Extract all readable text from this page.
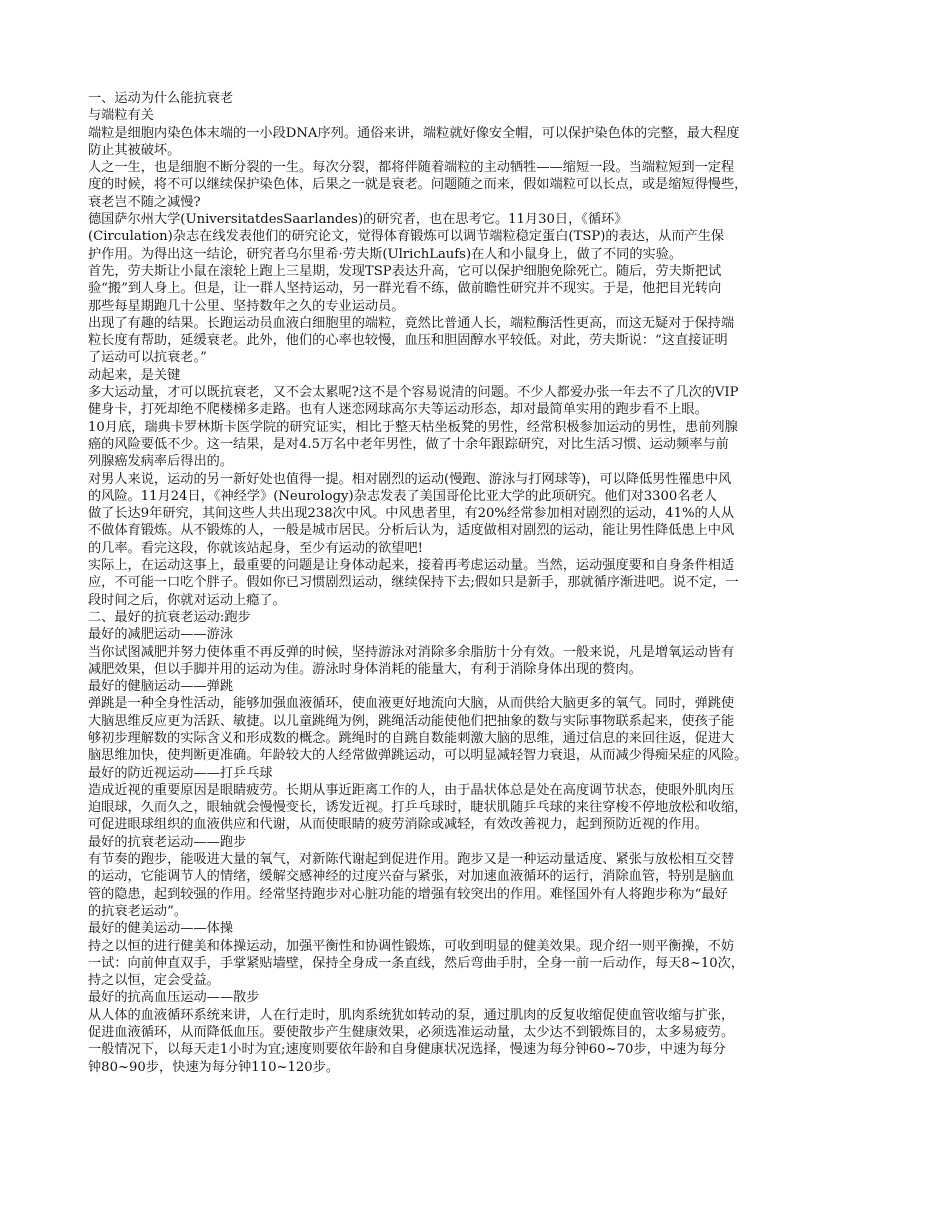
一、运动为什么能抗衰老
与端粒有关
端粒是细胞内染色体末端的一小段DNA序列。通俗来讲，端粒就好像安全帽，可以保护染色体的完整，最大程度
防止其被破坏。
人之一生，也是细胞不断分裂的一生。每次分裂，都将伴随着端粒的主动牺牲——缩短一段。当端粒短到一定程
度的时候，将不可以继续保护染色体，后果之一就是衰老。问题随之而来，假如端粒可以长点，或是缩短得慢些，
衰老岂不随之减慢?
德国萨尔州大学(UniversitatdesSaarlandes)的研究者，也在思考它。11月30日，《循环》
(Circulation)杂志在线发表他们的研究论文，觉得体育锻炼可以调节端粒稳定蛋白(TSP)的表达，从而产生保
护作用。为得出这一结论，研究者乌尔里希·劳夫斯(UlrichLaufs)在人和小鼠身上，做了不同的实验。
首先，劳夫斯让小鼠在滚轮上跑上三星期，发现TSP表达升高，它可以保护细胞免除死亡。随后，劳夫斯把试
验“搬”到人身上。但是，让一群人坚持运动，另一群光看不练，做前瞻性研究并不现实。于是，他把目光转向
那些每星期跑几十公里、坚持数年之久的专业运动员。
出现了有趣的结果。长跑运动员血液白细胞里的端粒，竟然比普通人长，端粒酶活性更高，而这无疑对于保持端
粒长度有帮助，延缓衰老。此外，他们的心率也较慢，血压和胆固醇水平较低。对此，劳夫斯说：“这直接证明
了运动可以抗衰老。”
动起来，是关键
多大运动量，才可以既抗衰老，又不会太累呢?这不是个容易说清的问题。不少人都爱办张一年去不了几次的VIP
健身卡，打死却绝不爬楼梯多走路。也有人迷恋网球高尔夫等运动形态，却对最简单实用的跑步看不上眼。
10月底，瑞典卡罗林斯卡医学院的研究证实，相比于整天枯坐板凳的男性，经常积极参加运动的男性，患前列腺
癌的风险要低不少。这一结果，是对4.5万名中老年男性，做了十余年跟踪研究，对比生活习惯、运动频率与前
列腺癌发病率后得出的。
对男人来说，运动的另一新好处也值得一提。相对剧烈的运动(慢跑、游泳与打网球等)，可以降低男性罹患中风
的风险。11月24日，《神经学》(Neurology)杂志发表了美国哥伦比亚大学的此项研究。他们对3300名老人
做了长达9年研究，其间这些人共出现238次中风。中风患者里，有20%经常参加相对剧烈的运动，41%的人从
不做体育锻炼。从不锻炼的人，一般是城市居民。分析后认为，适度做相对剧烈的运动，能让男性降低患上中风
的几率。看完这段，你就该站起身，至少有运动的欲望吧!
实际上，在运动这事上，最重要的问题是让身体动起来，接着再考虑运动量。当然，运动强度要和自身条件相适
应，不可能一口吃个胖子。假如你已习惯剧烈运动，继续保持下去;假如只是新手，那就循序渐进吧。说不定，一
段时间之后，你就对运动上瘾了。
二、最好的抗衰老运动:跑步
最好的减肥运动——游泳
当你试图减肥并努力使体重不再反弹的时候，坚持游泳对消除多余脂肪十分有效。一般来说，凡是增氧运动皆有
减肥效果，但以手脚并用的运动为佳。游泳时身体消耗的能量大，有利于消除身体出现的赘肉。
最好的健脑运动——弹跳
弹跳是一种全身性活动，能够加强血液循环，使血液更好地流向大脑，从而供给大脑更多的氧气。同时，弹跳使
大脑思维反应更为活跃、敏捷。以儿童跳绳为例，跳绳活动能使他们把抽象的数与实际事物联系起来，使孩子能
够初步理解数的实际含义和形成数的概念。跳绳时的自跳自数能刺激大脑的思维，通过信息的来回往返，促进大
脑思维加快，使判断更准确。年龄较大的人经常做弹跳运动，可以明显减轻智力衰退，从而减少得痴呆症的风险。
最好的防近视运动——打乒乓球
造成近视的重要原因是眼睛疲劳。长期从事近距离工作的人，由于晶状体总是处在高度调节状态，使眼外肌肉压
迫眼球，久而久之，眼轴就会慢慢变长，诱发近视。打乒乓球时，睫状肌随乒乓球的来往穿梭不停地放松和收缩，
可促进眼球组织的血液供应和代谢，从而使眼睛的疲劳消除或减轻，有效改善视力，起到预防近视的作用。
最好的抗衰老运动——跑步
有节奏的跑步，能吸进大量的氧气，对新陈代谢起到促进作用。跑步又是一种运动量适度、紧张与放松相互交替
的运动，它能调节人的情绪，缓解交感神经的过度兴奋与紧张，对加速血液循环的运行，消除血管，特别是脑血
管的隐患，起到较强的作用。经常坚持跑步对心脏功能的增强有较突出的作用。难怪国外有人将跑步称为“最好
的抗衰老运动”。
最好的健美运动——体操
持之以恒的进行健美和体操运动，加强平衡性和协调性锻炼，可收到明显的健美效果。现介绍一则平衡操，不妨
一试：向前伸直双手，手掌紧贴墙壁，保持全身成一条直线，然后弯曲手肘，全身一前一后动作，每天8~10次，
持之以恒，定会受益。
最好的抗高血压运动——散步
从人体的血液循环系统来讲，人在行走时，肌肉系统犹如转动的泵，通过肌肉的反复收缩促使血管收缩与扩张，
促进血液循环，从而降低血压。要使散步产生健康效果，必须选准运动量，太少达不到锻炼目的，太多易疲劳。
一般情况下，以每天走1小时为宜;速度则要依年龄和自身健康状况选择，慢速为每分钟60~70步，中速为每分
钟80~90步，快速为每分钟110~120步。
